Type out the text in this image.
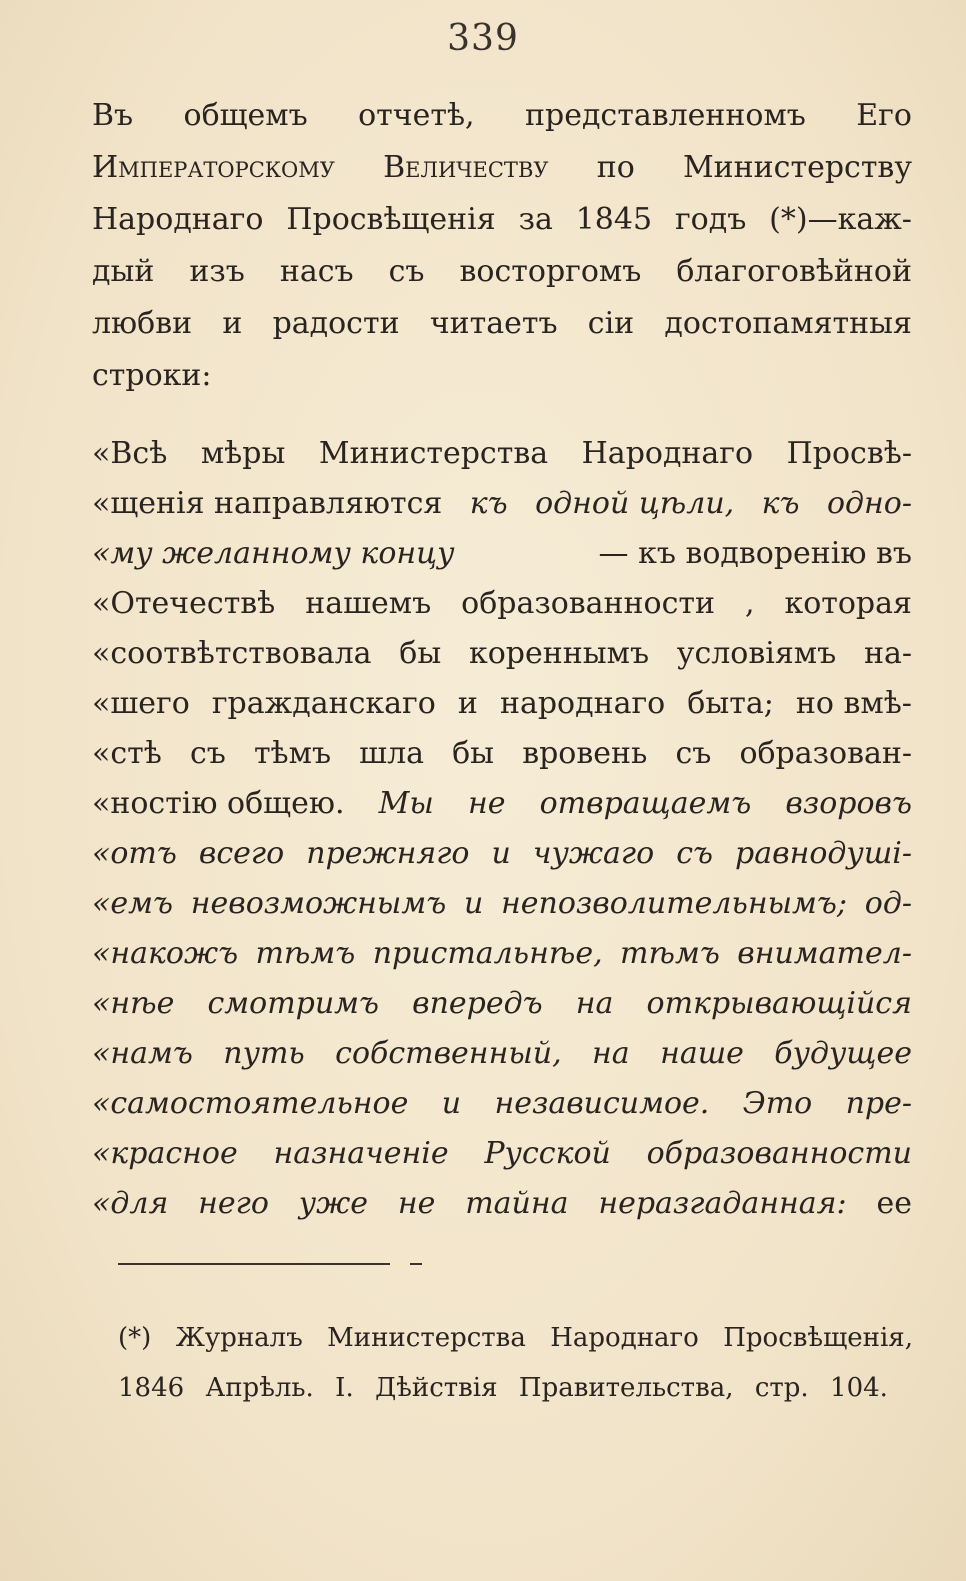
339
Въ общемъ отчетѣ, представленномъ Его
Императорскому Величеству по Министерству
Народнаго Просвѣщенія за 1845 годъ (*)—каж-
дый изъ насъ съ восторгомъ благоговѣйной
любви и радости читаетъ сіи достопамятныя
строки:
«Всѣ мѣры Министерства Народнаго Просвѣ-
«щенія направляются къ одной цѣли, къ одно-
«му желанному концу	— къ водворенію въ
«Отечествѣ нашемъ образованности , которая
«соотвѣтствовала бы кореннымъ условіямъ на-
«шего гражданскаго и народнаго быта; но вмѣ-
«стѣ съ тѣмъ шла бы вровень съ образован-
«ностію общею. Мы не отвращаемъ взоровъ
«отъ всего прежняго и чужаго съ равнодуші-
«емъ невозможнымъ и непозволительнымъ; од-
«накожъ тѣмъ пристальнѣе, тѣмъ внимател-
«нѣе смотримъ впередъ на открывающійся
«намъ путь собственный, на наше будущее
«самостоятельное и независимое. Это пре-
«красное назначеніе Русской образованности
«для него уже не тайна неразгаданная: ее
(*) Журналъ Министерства Народнаго Просвѣщенія,
1846 Апрѣль. I. Дѣйствія Правительства, стр. 104.
